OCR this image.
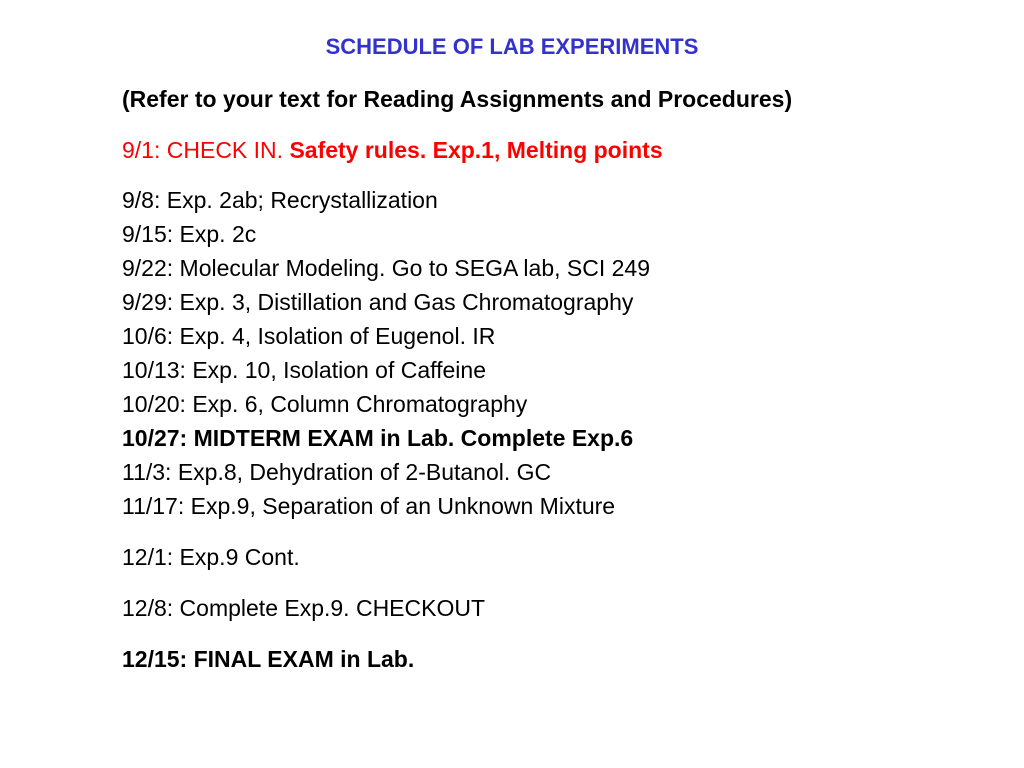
SCHEDULE OF LAB EXPERIMENTS
(Refer to your text for Reading Assignments and Procedures)
9/1: CHECK IN. Safety rules. Exp.1, Melting points
9/8: Exp. 2ab; Recrystallization
9/15: Exp. 2c
9/22: Molecular Modeling. Go to SEGA lab, SCI 249
9/29: Exp. 3, Distillation and Gas Chromatography
10/6: Exp. 4, Isolation of Eugenol. IR
10/13: Exp. 10, Isolation of Caffeine
10/20: Exp. 6, Column Chromatography
10/27: MIDTERM EXAM in Lab. Complete Exp.6
11/3: Exp.8, Dehydration of 2-Butanol. GC
11/17: Exp.9, Separation of an Unknown Mixture
12/1: Exp.9 Cont.
12/8: Complete Exp.9. CHECKOUT
12/15: FINAL EXAM in Lab.
